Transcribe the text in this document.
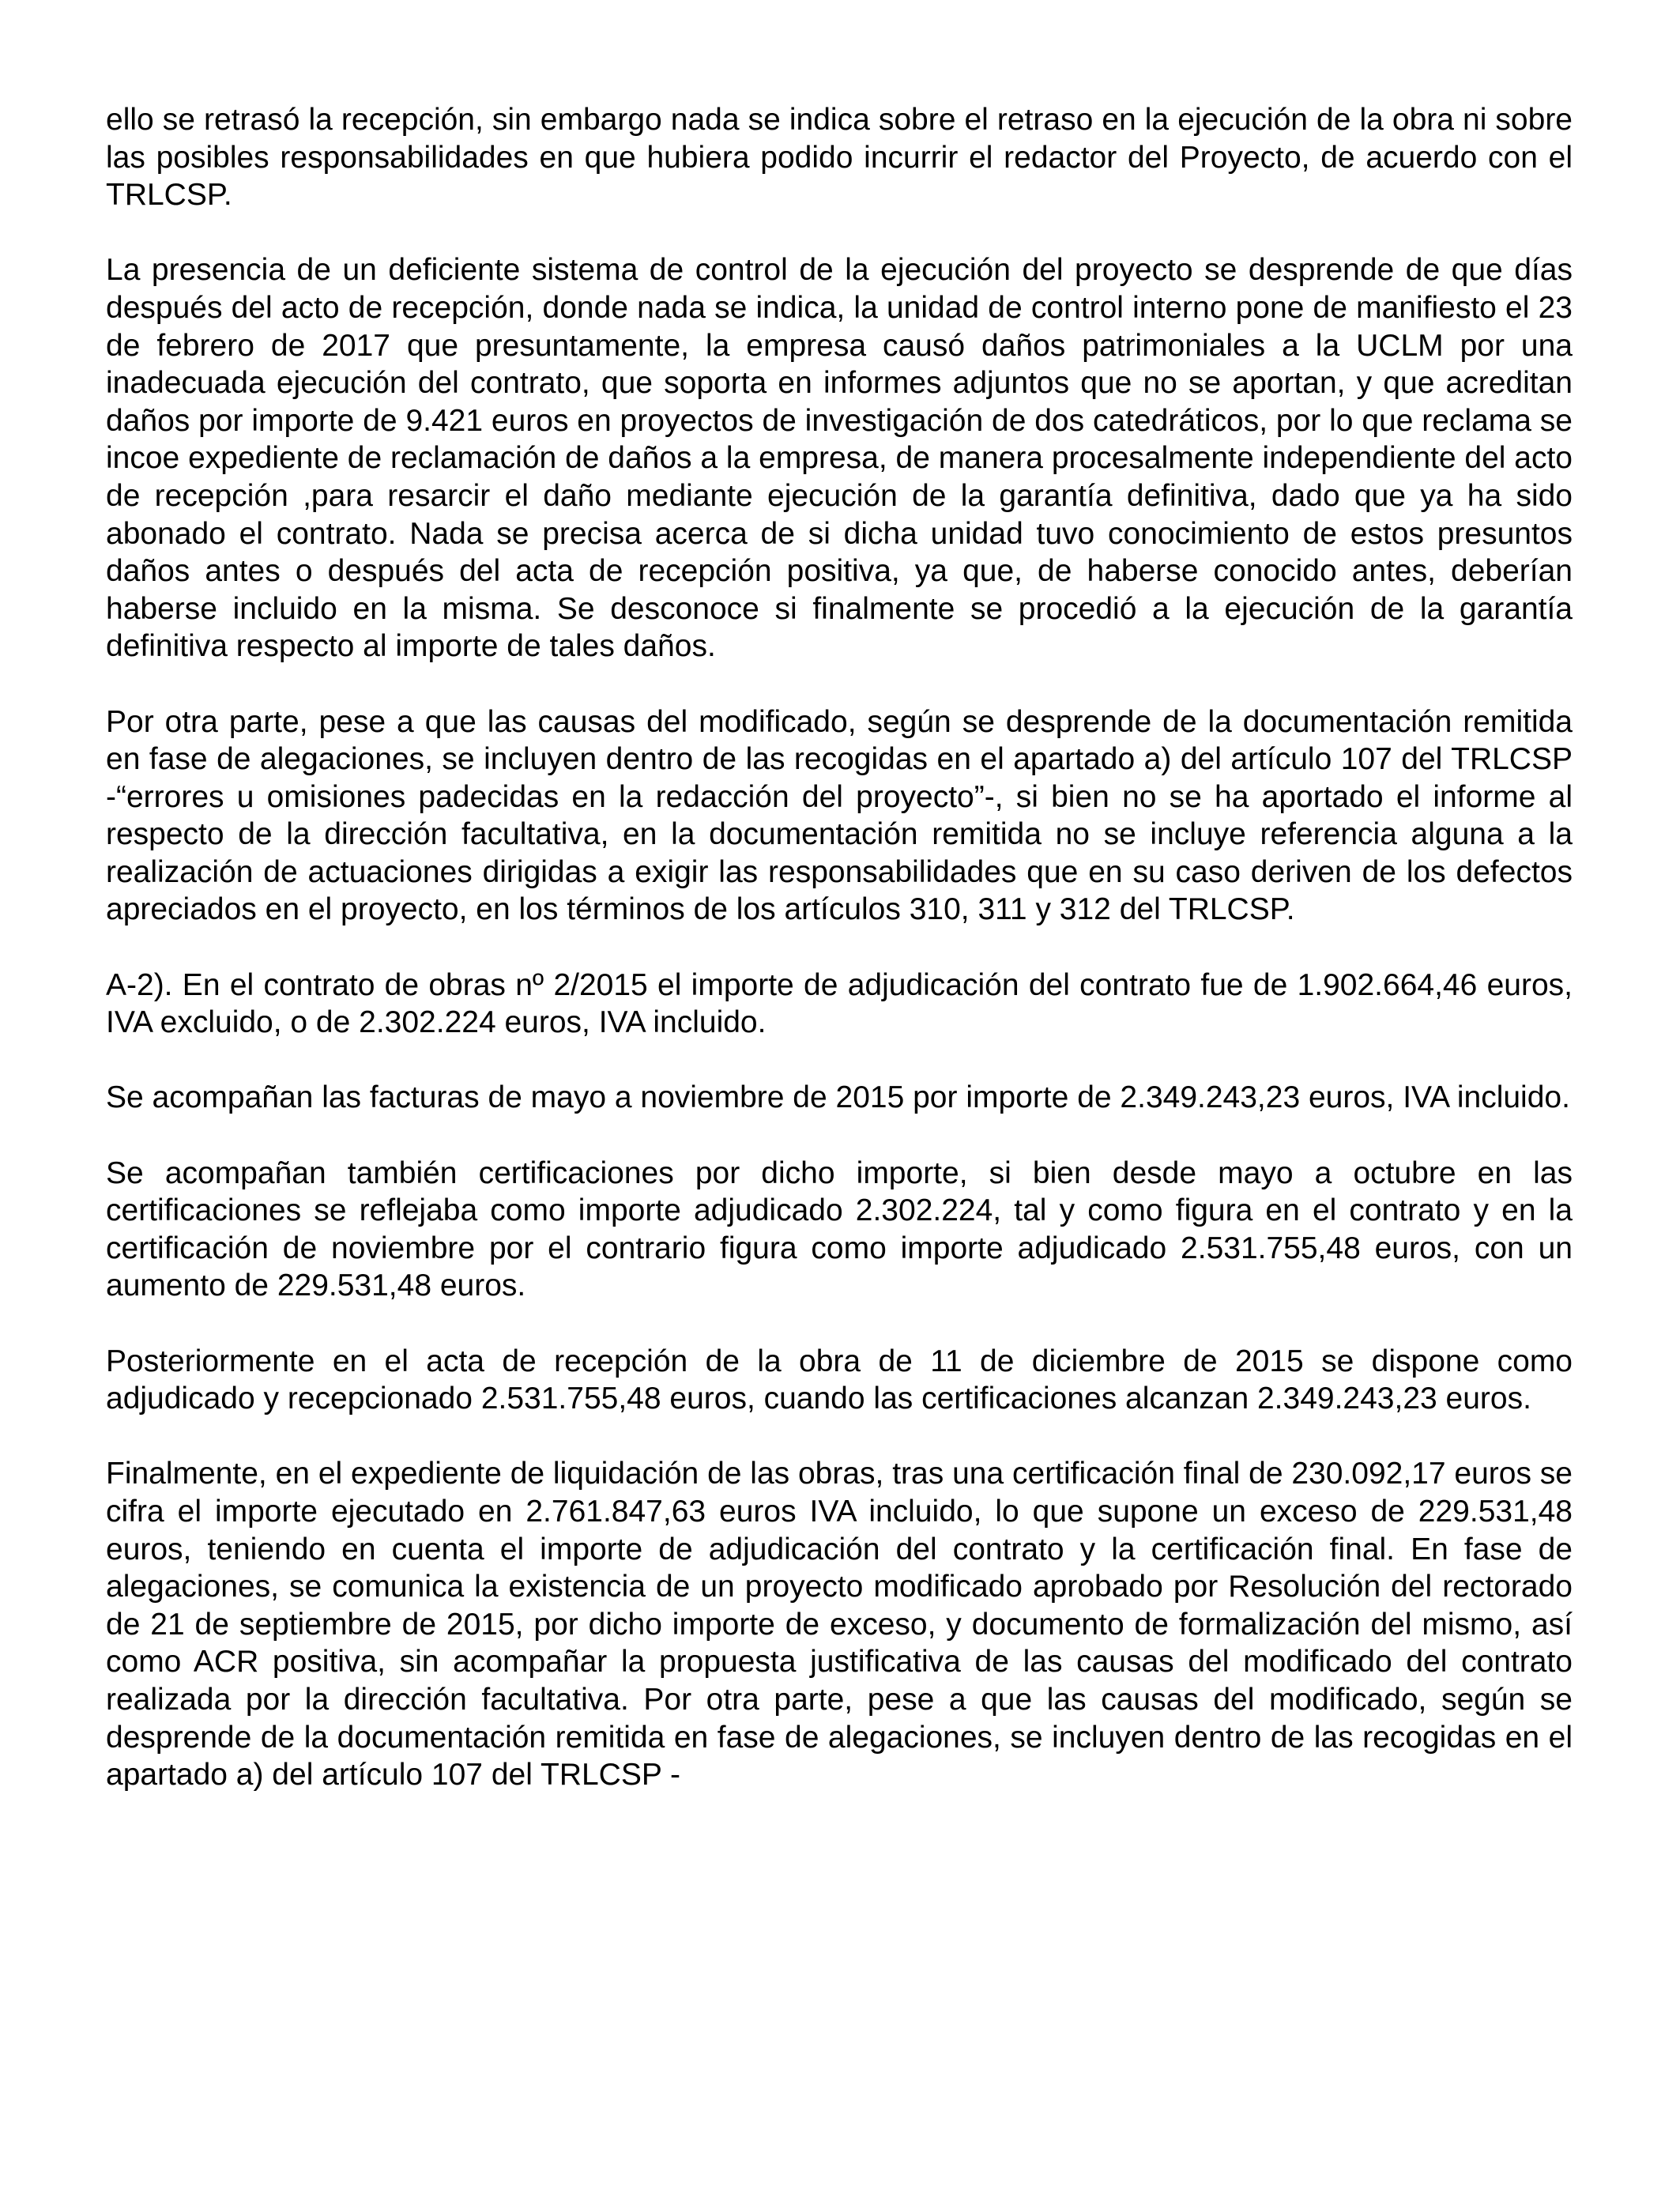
ello se retrasó la recepción, sin embargo nada se indica sobre el retraso en la ejecución de la obra ni sobre las posibles responsabilidades en que hubiera podido incurrir el redactor del Proyecto, de acuerdo con el TRLCSP.

La presencia de un deficiente sistema de control de la ejecución del proyecto se desprende de que días después del acto de recepción, donde nada se indica, la unidad de control interno pone de manifiesto el 23 de febrero de 2017 que presuntamente, la empresa causó daños patrimoniales a la UCLM por una inadecuada ejecución del contrato, que soporta en informes adjuntos que no se aportan, y que acreditan daños por importe de 9.421 euros en proyectos de investigación de dos catedráticos, por lo que reclama se incoe expediente de reclamación de daños a la empresa, de manera procesalmente independiente del acto de recepción ,para resarcir el daño mediante ejecución de la garantía definitiva, dado que ya ha sido abonado el contrato. Nada se precisa acerca de si dicha unidad tuvo conocimiento de estos presuntos daños antes o después del acta de recepción positiva, ya que, de haberse conocido antes, deberían haberse incluido en la misma. Se desconoce si finalmente se procedió a la ejecución de la garantía definitiva respecto al importe de tales daños.

Por otra parte, pese a que las causas del modificado, según se desprende de la documentación remitida en fase de alegaciones, se incluyen dentro de las recogidas en el apartado a) del artículo 107 del TRLCSP -“errores u omisiones padecidas en la redacción del proyecto”-, si bien no se ha aportado el informe al respecto de la dirección facultativa, en la documentación remitida no se incluye referencia alguna a la realización de actuaciones dirigidas a exigir las responsabilidades que en su caso deriven de los defectos apreciados en el proyecto, en los términos de los artículos 310, 311 y 312 del TRLCSP.

A-2). En el contrato de obras nº 2/2015 el importe de adjudicación del contrato fue de 1.902.664,46 euros, IVA excluido, o de 2.302.224 euros, IVA incluido.

Se acompañan las facturas de mayo a noviembre de 2015 por importe de 2.349.243,23 euros, IVA incluido.

Se acompañan también certificaciones por dicho importe, si bien desde mayo a octubre en las certificaciones se reflejaba como importe adjudicado 2.302.224, tal y como figura en el contrato y en la certificación de noviembre por el contrario figura como importe adjudicado 2.531.755,48 euros, con un aumento de 229.531,48 euros.

Posteriormente en el acta de recepción de la obra de 11 de diciembre de 2015 se dispone como adjudicado y recepcionado 2.531.755,48 euros, cuando las certificaciones alcanzan 2.349.243,23 euros.

Finalmente, en el expediente de liquidación de las obras, tras una certificación final de 230.092,17 euros se cifra el importe ejecutado en 2.761.847,63 euros IVA incluido, lo que supone un exceso de 229.531,48 euros, teniendo en cuenta el importe de adjudicación del contrato y la certificación final. En fase de alegaciones, se comunica la existencia de un proyecto modificado aprobado por Resolución del rectorado de 21 de septiembre de 2015, por dicho importe de exceso, y documento de formalización del mismo, así como ACR positiva, sin acompañar la propuesta justificativa de las causas del modificado del contrato realizada por la dirección facultativa. Por otra parte, pese a que las causas del modificado, según se desprende de la documentación remitida en fase de alegaciones, se incluyen dentro de las recogidas en el apartado a) del artículo 107 del TRLCSP -
